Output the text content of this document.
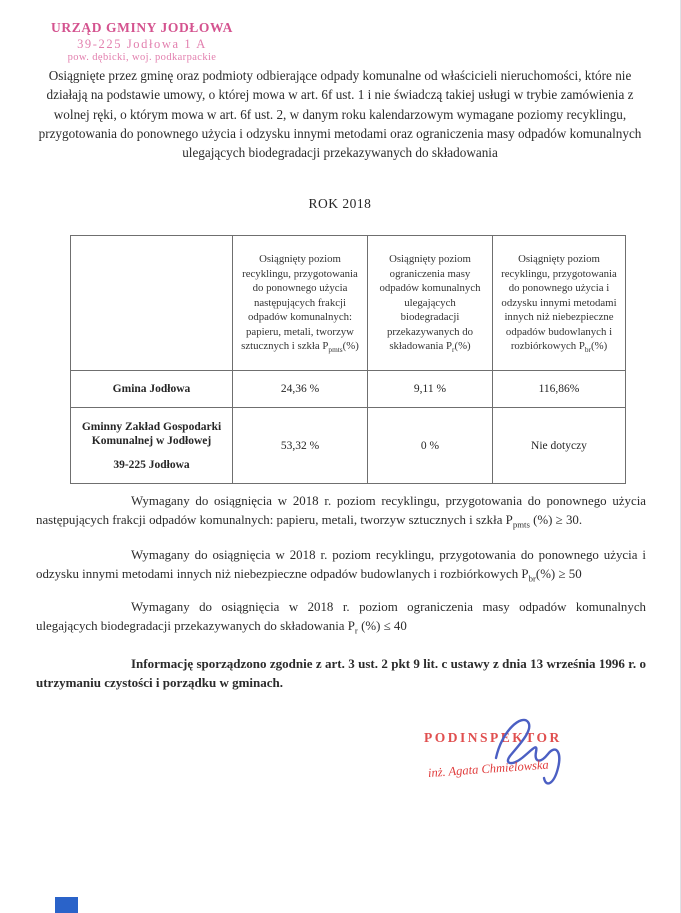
URZĄD GMINY JODŁOWA
39-225 Jodłowa 1 A
pow. dębicki, woj. podkarpackie

Osiągnięte przez gminę oraz podmioty odbierające odpady komunalne od właścicieli nieruchomości, które nie działają na podstawie umowy, o której mowa w art. 6f ust. 1 i nie świadczą takiej usługi w trybie zamówienia z wolnej ręki, o którym mowa w art. 6f ust. 2, w danym roku kalendarzowym wymagane poziomy recyklingu, przygotowania do ponownego użycia i odzysku innymi metodami oraz ograniczenia masy odpadów komunalnych ulegających biodegradacji przekazywanych do składowania

ROK 2018
	Osiągnięty poziom recyklingu, przygotowania do ponownego użycia następujących frakcji odpadów komunalnych: papieru, metali, tworzyw sztucznych i szkła $P_{pmts}(\%)$	Osiągnięty poziom ograniczenia masy odpadów komunalnych ulegających biodegradacji przekazywanych do składowania $P_r(\%)$	Osiągnięty poziom recyklingu, przygotowania do ponownego użycia i odzysku innymi metodami innych niż niebezpieczne odpadów budowlanych i rozbiórkowych $P_{br}(\%)$

Gmina Jodłowa	24,36 %	9,11 %	116,86%

Gminny Zakład Gospodarki Komunalnej w Jodłowej
39-225 Jodłowa	53,32 %	0 %	Nie dotyczy

Wymagany do osiągnięcia w 2018 r. poziom recyklingu, przygotowania do ponownego użycia następujących frakcji odpadów komunalnych: papieru, metali, tworzyw sztucznych i szkła $P_{pmts}$ (%) ≥ 30.

Wymagany do osiągnięcia w 2018 r. poziom recyklingu, przygotowania do ponownego użycia i odzysku innymi metodami innych niż niebezpieczne odpadów budowlanych i rozbiórkowych $P_{br}(\%) \ge 50$

Wymagany do osiągnięcia w 2018 r. poziom ograniczenia masy odpadów komunalnych ulegających biodegradacji przekazywanych do składowania $P_r$ (%) ≤ 40

Informację sporządzono zgodnie z art. 3 ust. 2 pkt 9 lit. c ustawy z dnia 13 września 1996 r. o utrzymaniu czystości i porządku w gminach.

PODINSPEKTOR
inż. Agata Chmielowska
